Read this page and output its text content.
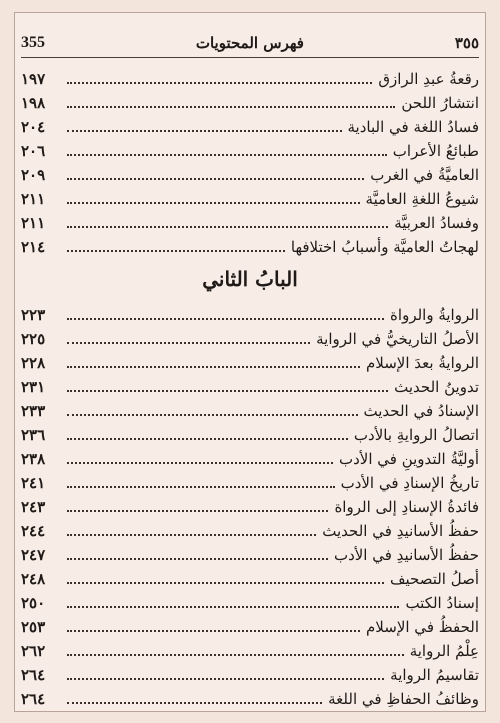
355	فهرس المحتويات	٣٥٥
رقعةُ عبدِ الرازق
١٩٧
انتشارُ اللحن
١٩٨
فسادُ اللغة في البادية
٢٠٤
طبائعُ الأعراب
٢٠٦
العاميَّةُ في الغرب
٢٠٩
شيوعُ اللغةِ العاميَّة
٢١١
وفسادُ العربيَّة
٢١١
لهجاتُ العاميَّة وأسبابُ اختلافها
٢١٤
البابُ الثاني
الروايةُ والرواة
٢٢٣
الأصلُ التاريخيُّ في الرواية
٢٢٥
الروايةُ بعدَ الإسلام
٢٢٨
تدوينُ الحديث
٢٣١
الإسنادُ في الحديث
٢٣٣
اتصالُ الروايةِ بالأدب
٢٣٦
أوليَّةُ التدوينِ في الأدب
٢٣٨
تاريخُ الإسنادِ في الأدب
٢٤١
فائدةُ الإسنادِ إلى الرواة
٢٤٣
حفظُ الأسانيدِ في الحديث
٢٤٤
حفظُ الأسانيدِ في الأدب
٢٤٧
أصلُ التصحيف
٢٤٨
إسنادُ الكتب
٢٥٠
الحفظُ في الإسلام
٢٥٣
عِلْمُ الرواية
٢٦٢
تقاسيمُ الرواية
٢٦٤
وظائفُ الحفاظِ في اللغة
٢٦٤
